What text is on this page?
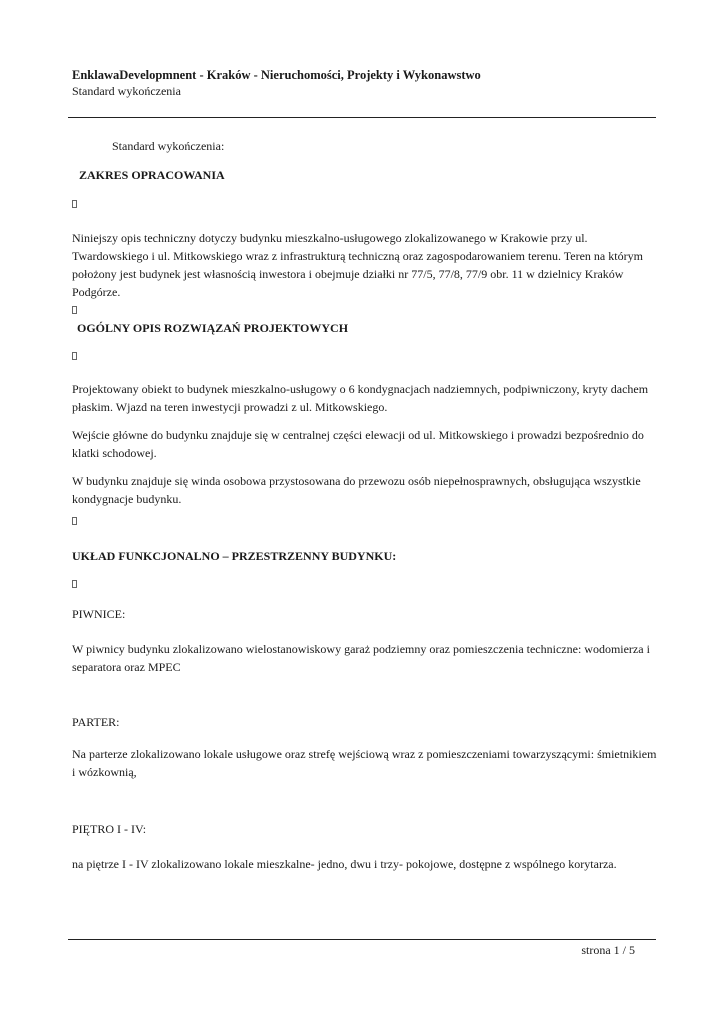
EnklawaDevelopmnent - Kraków - Nieruchomości, Projekty i Wykonawstwo
Standard wykończenia
Standard wykończenia:
ZAKRES OPRACOWANIA
Niniejszy opis techniczny dotyczy budynku mieszkalno-usługowego zlokalizowanego w Krakowie przy ul. Twardowskiego i ul. Mitkowskiego wraz z infrastrukturą techniczną oraz zagospodarowaniem terenu. Teren na którym położony jest budynek jest własnością inwestora i obejmuje działki nr 77/5, 77/8, 77/9 obr. 11 w dzielnicy Kraków Podgórze.
OGÓLNY OPIS ROZWIĄZAŃ PROJEKTOWYCH
Projektowany obiekt to budynek mieszkalno-usługowy o 6 kondygnacjach nadziemnych, podpiwniczony, kryty dachem płaskim. Wjazd na teren inwestycji prowadzi z ul. Mitkowskiego.
Wejście główne do budynku znajduje się w centralnej części elewacji od ul. Mitkowskiego i prowadzi bezpośrednio do klatki schodowej.
W budynku znajduje się winda osobowa przystosowana do przewozu osób niepełnosprawnych, obsługująca wszystkie kondygnacje budynku.
UKŁAD FUNKCJONALNO – PRZESTRZENNY BUDYNKU:
PIWNICE:
W piwnicy budynku zlokalizowano wielostanowiskowy garaż podziemny oraz pomieszczenia techniczne: wodomierza i separatora oraz MPEC
PARTER:
Na parterze zlokalizowano lokale usługowe oraz strefę wejściową wraz z pomieszczeniami towarzyszącymi: śmietnikiem i wózkownią,
PIĘTRO I - IV:
na piętrze I - IV zlokalizowano lokale mieszkalne- jedno, dwu i trzy- pokojowe, dostępne z wspólnego korytarza.
strona 1 / 5
